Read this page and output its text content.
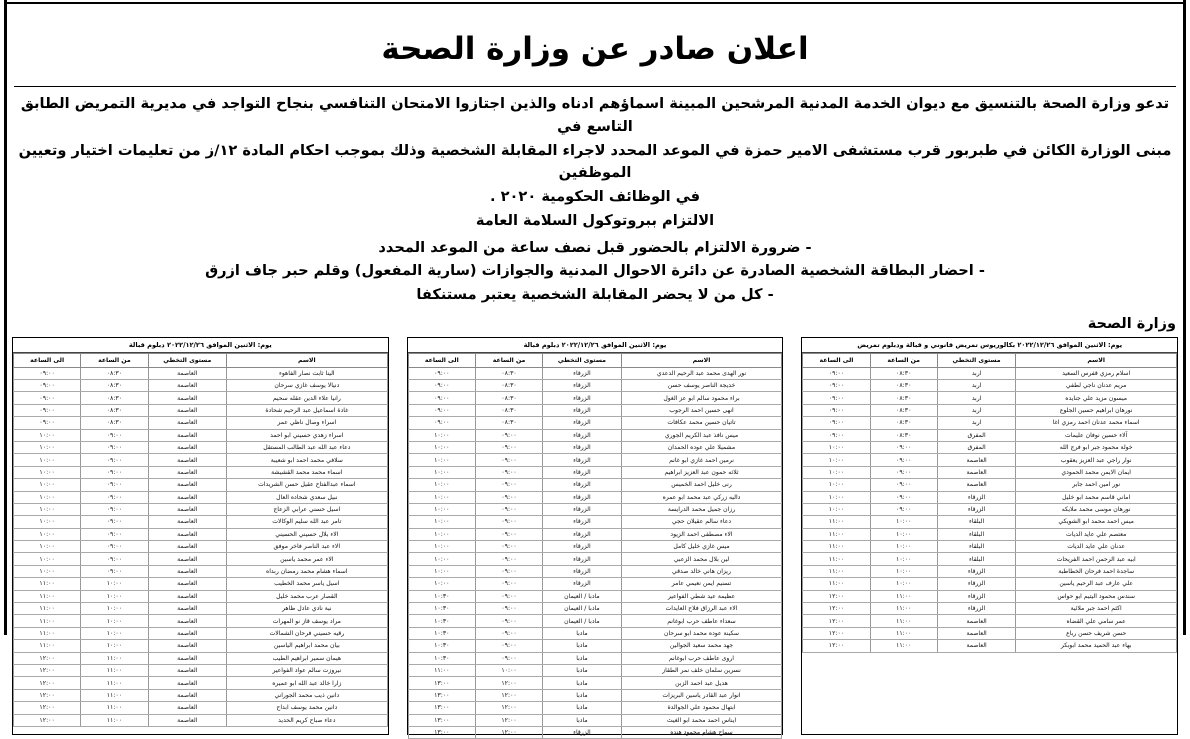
اعلان صادر عن وزارة الصحة

تدعو وزارة الصحة بالتنسيق مع ديوان الخدمة المدنية المرشحين المبينة اسماؤهم ادناه والذين اجتازوا الامتحان التنافسي بنجاح التواجد في مديرية التمريض الطابق التاسع في

مبنى الوزارة الكائن في طبربور قرب مستشفى الامير حمزة في الموعد المحدد لاجراء المقابلة الشخصية وذلك بموجب احكام المادة ١٢/ز من تعليمات اختيار وتعيين الموظفين

في الوظائف الحكومية ٢٠٢٠ .

الالتزام ببروتوكول السلامة العامة

- ضرورة الالتزام بالحضور قبل نصف ساعة من الموعد المحدد
- احضار البطاقة الشخصية الصادرة عن دائرة الاحوال المدنية والجوازات (سارية المفعول) وقلم حبر جاف ازرق
- كل من لا يحضر المقابلة الشخصية يعتبر مستنكفا
وزارة الصحة
يوم: الاثنين الموافق ٢٠٢٢/١٢/٢٦ بكالوريوس تمريض قانوني و قبالة ودبلوم تمريض
الاسم	مستوى التخطي	من الساعة	الى الساعة
اسلام رمزي قفرس السعيد	اربد	٠٨:٣٠	٠٩:٠٠
مريم عدنان ناجي لطفي	اربد	٠٨:٣٠	٠٩:٠٠
ميسون مزيد علي جنايده	اربد	٠٨:٣٠	٠٩:٠٠
نورهان ابراهيم حسين الجلوع	اربد	٠٨:٣٠	٠٩:٠٠
اسماء محمد عدنان احمد رمزي اغا	اربد	٠٨:٣٠	٠٩:٠٠
آلاء حسين نوفان عليمات	المفرق	٠٨:٣٠	٠٩:٠٠
خولة محمود جبر ابو فرج الله	المفرق	٠٩:٠٠	١٠:٠٠
نوار راجي عبد العزيز يعقوب	العاصمة	٠٩:٠٠	١٠:٠٠
ايمان الايمن محمد الحمودي	العاصمة	٠٩:٠٠	١٠:٠٠
نور امين احمد جابر	العاصمة	٠٩:٠٠	١٠:٠٠
اماني قاسم محمد ابو خليل	الزرقاء	٠٩:٠٠	١٠:٠٠
نورهان موسى محمد ملايكه	الزرقاء	٠٩:٠٠	١٠:٠٠
ميس احمد محمد ابو الشويكي	البلقاء	١٠:٠٠	١١:٠٠
معتصم علي عايد الديات	البلقاء	١٠:٠٠	١١:٠٠
عدنان علي عايد الديات	البلقاء	١٠:٠٠	١١:٠٠
ابيه عبد الرحمن احمد الفريحات	البلقاء	١٠:٠٠	١١:٠٠
ساجدة احمد فرحان الخطاطبة	الزرقاء	١٠:٠٠	١١:٠٠
علي عارف عبد الرحيم ياسين	الزرقاء	١٠:٠٠	١١:٠٠
سندس محمود اليتيم ابو حواس	الزرقاء	١١:٠٠	١٢:٠٠
اكثم احمد جبر ملائية	الزرقاء	١١:٠٠	١٢:٠٠
عمر سامي علي القضاه	العاصمة	١١:٠٠	١٢:٠٠
حسن شريف حسن رباع	العاصمة	١١:٠٠	١٢:٠٠
بهاء عبد الحميد محمد ابوبكر	العاصمة	١١:٠٠	١٢:٠٠
يوم: الاثنين الموافق ٢٠٢٢/١٢/٢٦ دبلوم قبالة
الاسم	مستوى التخطي	من الساعة	الى الساعة
نور الهدى محمد عبد الرحيم الدعدي	الزرقاء	٠٨:٣٠	٠٩:٠٠
خديجة الناصر يوسف حسن	الزرقاء	٠٨:٣٠	٠٩:٠٠
براء محمود سالم ابو عز الغول	الزرقاء	٠٨:٣٠	٠٩:٠٠
انهى حسين احمد الرجوب	الزرقاء	٠٨:٣٠	٠٩:٠٠
تاتيان حسين محمد عكافات	الزرقاء	٠٨:٣٠	٠٩:٠٠
ميس نافذ عبد الكريم الجوري	الزرقاء	٠٩:٠٠	١٠:٠٠
مشميلا علي عوده الحمدان	الزرقاء	٠٩:٠٠	١٠:٠٠
نرمين احمد غازي ابو غانم	الزرقاء	٠٩:٠٠	١٠:٠٠
ثلاثه حمون عبد العزيز ابراهيم	الزرقاء	٠٩:٠٠	١٠:٠٠
رنى خليل احمد الخميس	الزرقاء	٠٩:٠٠	١٠:٠٠
داليه زركي عبد محمد ابو عمره	الزرقاء	٠٩:٠٠	١٠:٠٠
رزان جميل محمد الدرايسة	الزرقاء	٠٩:٠٠	١٠:٠٠
دعاء سالم عقيلان حجي	الزرقاء	٠٩:٠٠	١٠:٠٠
الاء مصطفى احمد الزيود	الزرقاء	٠٩:٠٠	١٠:٠٠
ميس غازي خليل كامل	الزرقاء	٠٩:٠٠	١٠:٠٠
لين بلال محمد الزعبي	الزرقاء	٠٩:٠٠	١٠:٠٠
ريزان هاني خالد صدقي	الزرقاء	٠٩:٠٠	١٠:٠٠
تسنيم ايمن نعيمي عامر	الزرقاء	٠٩:٠٠	١٠:٠٠
عظيمة عيد شطي الفواعير	مادبا / العيمان	٠٩:٠٠	١٠:٣٠
الاء عبد الرزاق فلاح العايدات	مادبا / العيمان	٠٩:٠٠	١٠:٣٠
سعداء عاطف حرب ابوغانم	مادبا / العيمان	٠٩:٠٠	١٠:٣٠
سكينة عوده محمد ابو سرحان	مادبا	٠٩:٠٠	١٠:٣٠
جهد محمد سعيد الجوالين	مادبا	٠٩:٠٠	١٠:٣٠
اروى عاطف حرب ابوغانم	مادبا	٠٩:٠٠	١٠:٣٠
نسرين سلمان خلف نمر الطقاز	مادبا	١٠:٠٠	١١:٠٠
هديل عبد احمد الزبن	مادبا	١٢:٠٠	١٣:٠٠
انوار عبد القادر ياسين البريزات	مادبا	١٢:٠٠	١٣:٠٠
ابتهال محمود علي الجوالدة	مادبا	١٢:٠٠	١٣:٠٠
ايناس احمد محمد ابو الغيث	مادبا	١٢:٠٠	١٣:٠٠
سماح هشام محمود هنده	الزرقاء	١٢:٠٠	١٣:٠٠
يوم: الاثنين الموافق ٢٠٢٢/١٢/٢٦ دبلوم قبالة
الاسم	مستوى التخطي	من الساعة	الى الساعة
الينا ثابت نصار الفاهوء	العاصمة	٠٨:٣٠	٠٩:٠٠
دنيالا يوسف غازي سرحان	العاصمة	٠٨:٣٠	٠٩:٠٠
رانيا علاء الدين عقله سحيم	العاصمة	٠٨:٣٠	٠٩:٠٠
غادة اسماعيل عبد الرحيم شحادة	العاصمة	٠٨:٣٠	٠٩:٠٠
اسراء وصال ناظي عمر	العاصمة	٠٨:٣٠	٠٩:٠٠
اسراء زهدي حسيني ابو احمد	العاصمة	٠٩:٠٠	١٠:٠٠
دعاء عبد الله عبد الطالب المستقل	العاصمة	٠٩:٠٠	١٠:٠٠
سلافي محمد احمد ابو شعيبة	العاصمة	٠٩:٠٠	١٠:٠٠
اسماء محمد محمد القشيشة	العاصمة	٠٩:٠٠	١٠:٠٠
اسماء عبدالفتاح عقيل حسن الشريدات	العاصمة	٠٩:٠٠	١٠:٠٠
نبيل سعدي شحاده العال	العاصمة	٠٩:٠٠	١٠:٠٠
اسيل حسني عرابي الزعاج	العاصمة	٠٩:٠٠	١٠:٠٠
تامر عبد الله سليم الوكالات	العاصمة	٠٩:٠٠	١٠:٠٠
الاء بلال حسيني الحسيني	العاصمة	٠٩:٠٠	١٠:٠٠
الاء عبد الناصر فاخر موفق	العاصمة	٠٩:٠٠	١٠:٠٠
الاء عمر محمد ياسين	العاصمة	٠٩:٠٠	١٠:٠٠
اسماء هشام محمد رمضان ربداه	العاصمة	٠٩:٠٠	١٠:٠٠
اسيل ياسر محمد الخطيب	العاصمة	١٠:٠٠	١١:٠٠
القصار عرب محمد خليل	العاصمة	١٠:٠٠	١١:٠٠
نية نادي عادل ظاهر	العاصمة	١٠:٠٠	١١:٠٠
مراد يوسف قاز نو المهرات	العاصمة	١٠:٠٠	١١:٠٠
رقيه حسيني فرحان الشمالات	العاصمة	١٠:٠٠	١١:٠٠
بيان محمد ابراهيم الياسين	العاصمة	١٠:٠٠	١١:٠٠
هيمان سمير ابراهيم الطيب	العاصمة	١١:٠٠	١٢:٠٠
نيروزت سالم عواد الفواعير	العاصمة	١١:٠٠	١٢:٠٠
زارا خالد عبد الله ابو عميره	العاصمة	١١:٠٠	١٢:٠٠
دانين ذيب محمد الجوراني	العاصمة	١١:٠٠	١٢:٠٠
دانين محمد يوسف ابداح	العاصمة	١١:٠٠	١٢:٠٠
دعاء صباح كريم الحديد	العاصمة	١١:٠٠	١٢:٠٠
